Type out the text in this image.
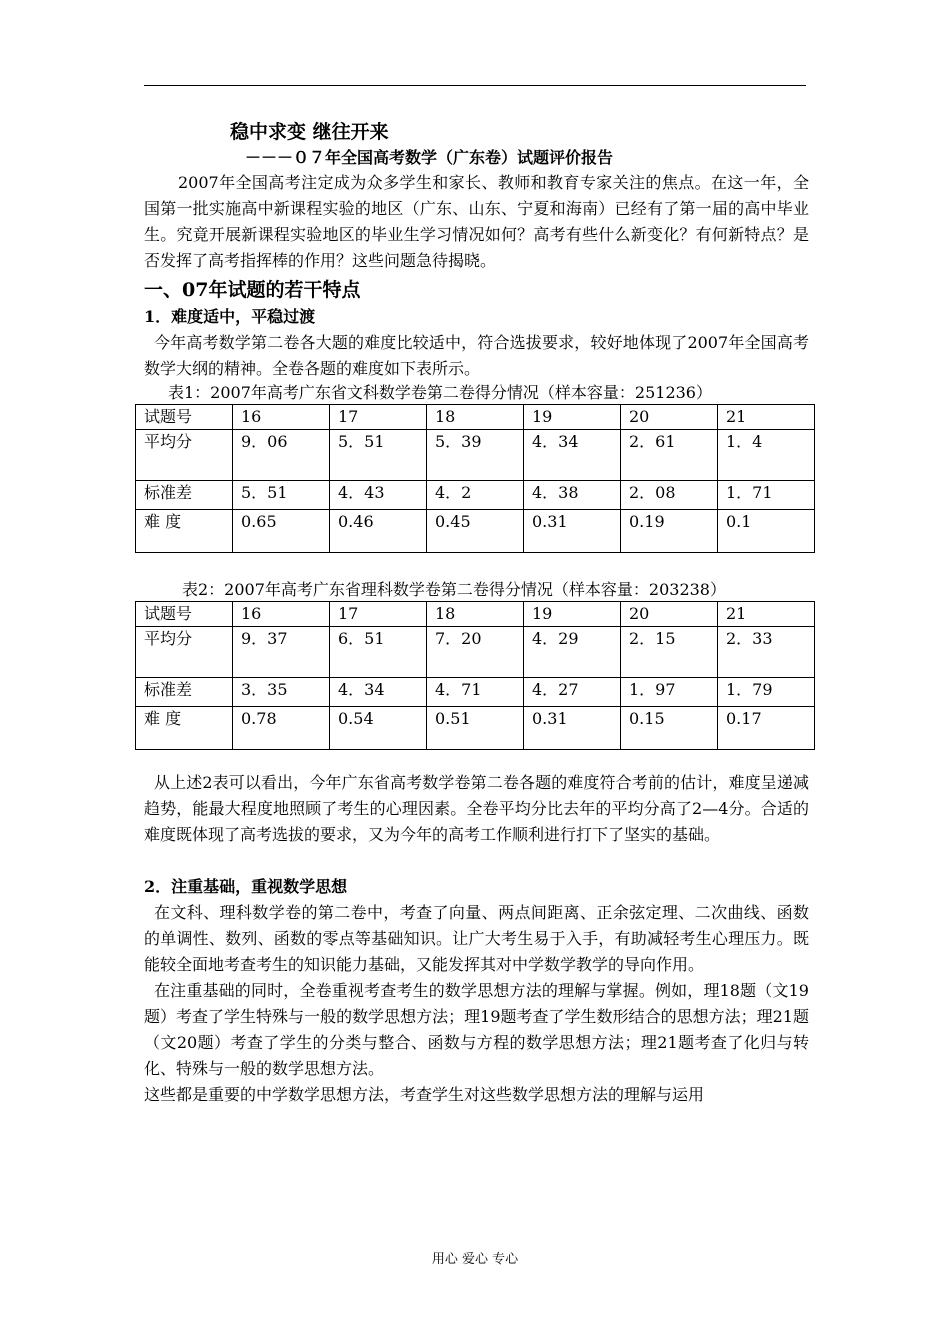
稳中求变 继往开来
－－－０７年全国高考数学（广东卷）试题评价报告

2007年全国高考注定成为众多学生和家长、教师和教育专家关注的焦点。在这一年，全国第一批实施高中新课程实验的地区（广东、山东、宁夏和海南）已经有了第一届的高中毕业生。究竟开展新课程实验地区的毕业生学习情况如何？高考有些什么新变化？有何新特点？是否发挥了高考指挥棒的作用？这些问题急待揭晓。

一、07年试题的若干特点
1．难度适中，平稳过渡

今年高考数学第二卷各大题的难度比较适中，符合选拔要求，较好地体现了2007年全国高考数学大纲的精神。全卷各题的难度如下表所示。

表1：2007年高考广东省文科数学卷第二卷得分情况（样本容量：251236）
试题号	16	17	18	19	20	21
平均分	9．06	5．51	5．39	4．34	2．61	1．4
标准差	5．51	4．43	4．2	4．38	2．08	1．71
难 度	0.65	0.46	0.45	0.31	0.19	0.1
表2：2007年高考广东省理科数学卷第二卷得分情况（样本容量：203238）
试题号	16	17	18	19	20	21
平均分	9．37	6．51	7．20	4．29	2．15	2．33
标准差	3．35	4．34	4．71	4．27	1．97	1．79
难 度	0.78	0.54	0.51	0.31	0.15	0.17

从上述2表可以看出，今年广东省高考数学卷第二卷各题的难度符合考前的估计，难度呈递减趋势，能最大程度地照顾了考生的心理因素。全卷平均分比去年的平均分高了2—4分。合适的难度既体现了高考选拔的要求，又为今年的高考工作顺利进行打下了坚实的基础。

2．注重基础，重视数学思想

在文科、理科数学卷的第二卷中，考查了向量、两点间距离、正余弦定理、二次曲线、函数的单调性、数列、函数的零点等基础知识。让广大考生易于入手，有助减轻考生心理压力。既能较全面地考查考生的知识能力基础，又能发挥其对中学数学教学的导向作用。

在注重基础的同时，全卷重视考查考生的数学思想方法的理解与掌握。例如，理18题（文19题）考查了学生特殊与一般的数学思想方法；理19题考查了学生数形结合的思想方法；理21题（文20题）考查了学生的分类与整合、函数与方程的数学思想方法；理21题考查了化归与转化、特殊与一般的数学思想方法。

这些都是重要的中学数学思想方法，考查学生对这些数学思想方法的理解与运用

用心 爱心 专心
